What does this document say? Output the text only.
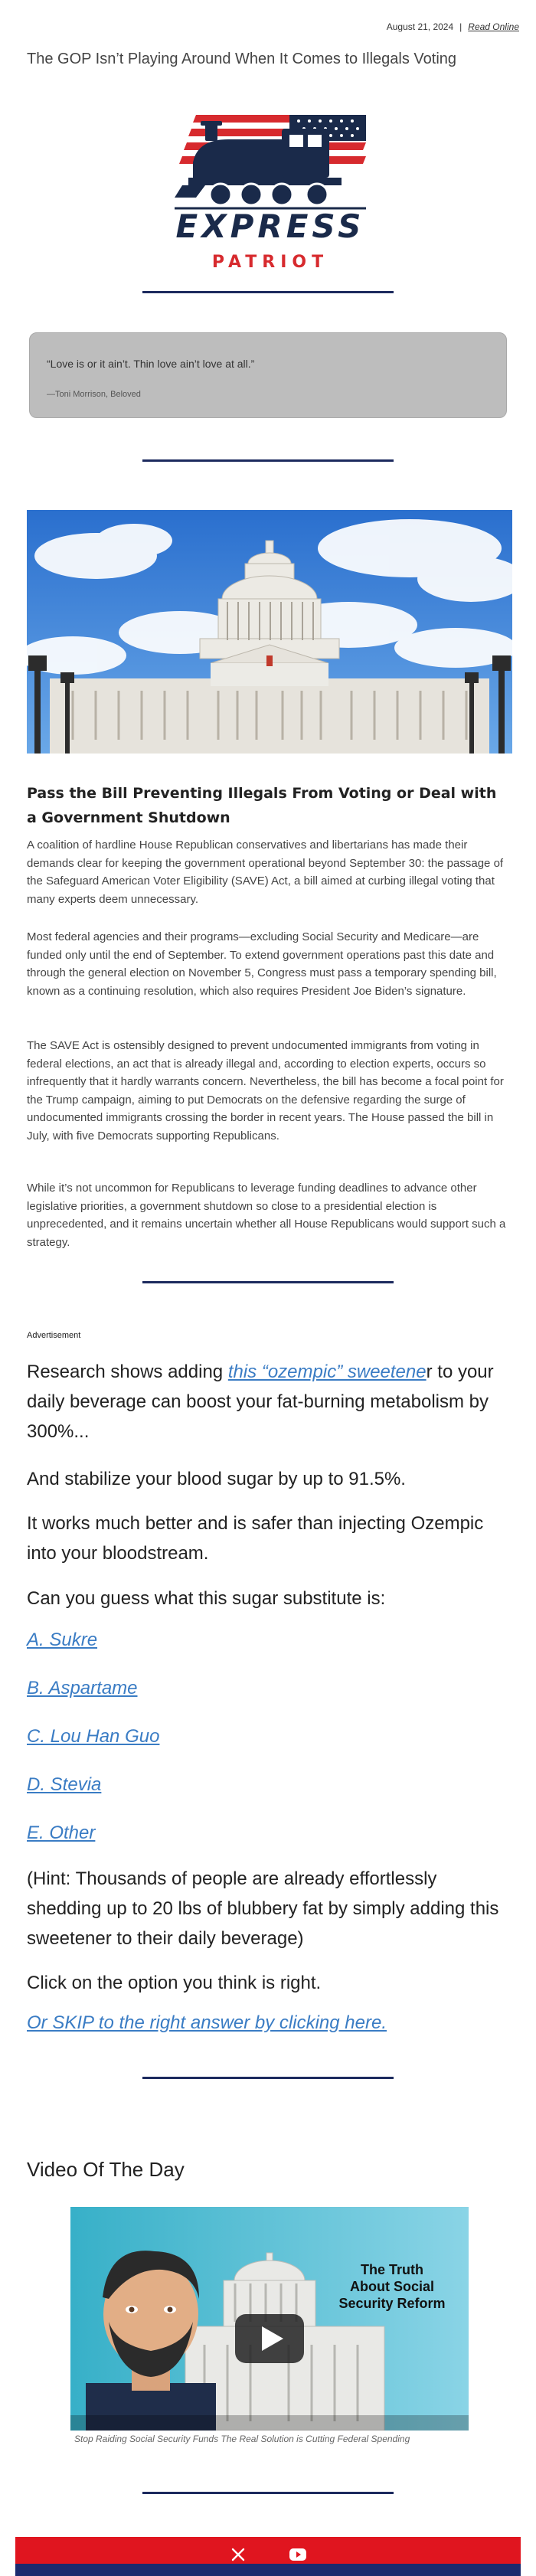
August 21, 2024 | Read Online
The GOP Isn’t Playing Around When It Comes to Illegals Voting
PATRIOT
EXPRESS
“Love is or it ain’t. Thin love ain’t love at all.”
—Toni Morrison, Beloved
Pass the Bill Preventing Illegals From Voting or Deal with a Government Shutdown

A coalition of hardline House Republican conservatives and libertarians has made their demands clear for keeping the government operational beyond September 30: the passage of the Safeguard American Voter Eligibility (SAVE) Act, a bill aimed at curbing illegal voting that many experts deem unnecessary.

Most federal agencies and their programs—excluding Social Security and Medicare—are funded only until the end of September. To extend government operations past this date and through the general election on November 5, Congress must pass a temporary spending bill, known as a continuing resolution, which also requires President Joe Biden’s signature.

The SAVE Act is ostensibly designed to prevent undocumented immigrants from voting in federal elections, an act that is already illegal and, according to election experts, occurs so infrequently that it hardly warrants concern. Nevertheless, the bill has become a focal point for the Trump campaign, aiming to put Democrats on the defensive regarding the surge of undocumented immigrants crossing the border in recent years. The House passed the bill in July, with five Democrats supporting Republicans.

While it’s not uncommon for Republicans to leverage funding deadlines to advance other legislative priorities, a government shutdown so close to a presidential election is unprecedented, and it remains uncertain whether all House Republicans would support such a strategy.

Advertisement

Research shows adding this “ozempic” sweetener to your daily beverage can boost your fat-burning metabolism by 300%...

And stabilize your blood sugar by up to 91.5%.

It works much better and is safer than injecting Ozempic into your bloodstream.

Can you guess what this sugar substitute is:

A. Sukre
B. Aspartame
C. Lou Han Guo
D. Stevia
E. Other

(Hint: Thousands of people are already effortlessly shedding up to 20 lbs of blubbery fat by simply adding this sweetener to their daily beverage)

Click on the option you think is right.

Or SKIP to the right answer by clicking here.
Video Of The Day
The Truth
About Social
Security Reform
Stop Raiding Social Security Funds The Real Solution is Cutting Federal Spending
